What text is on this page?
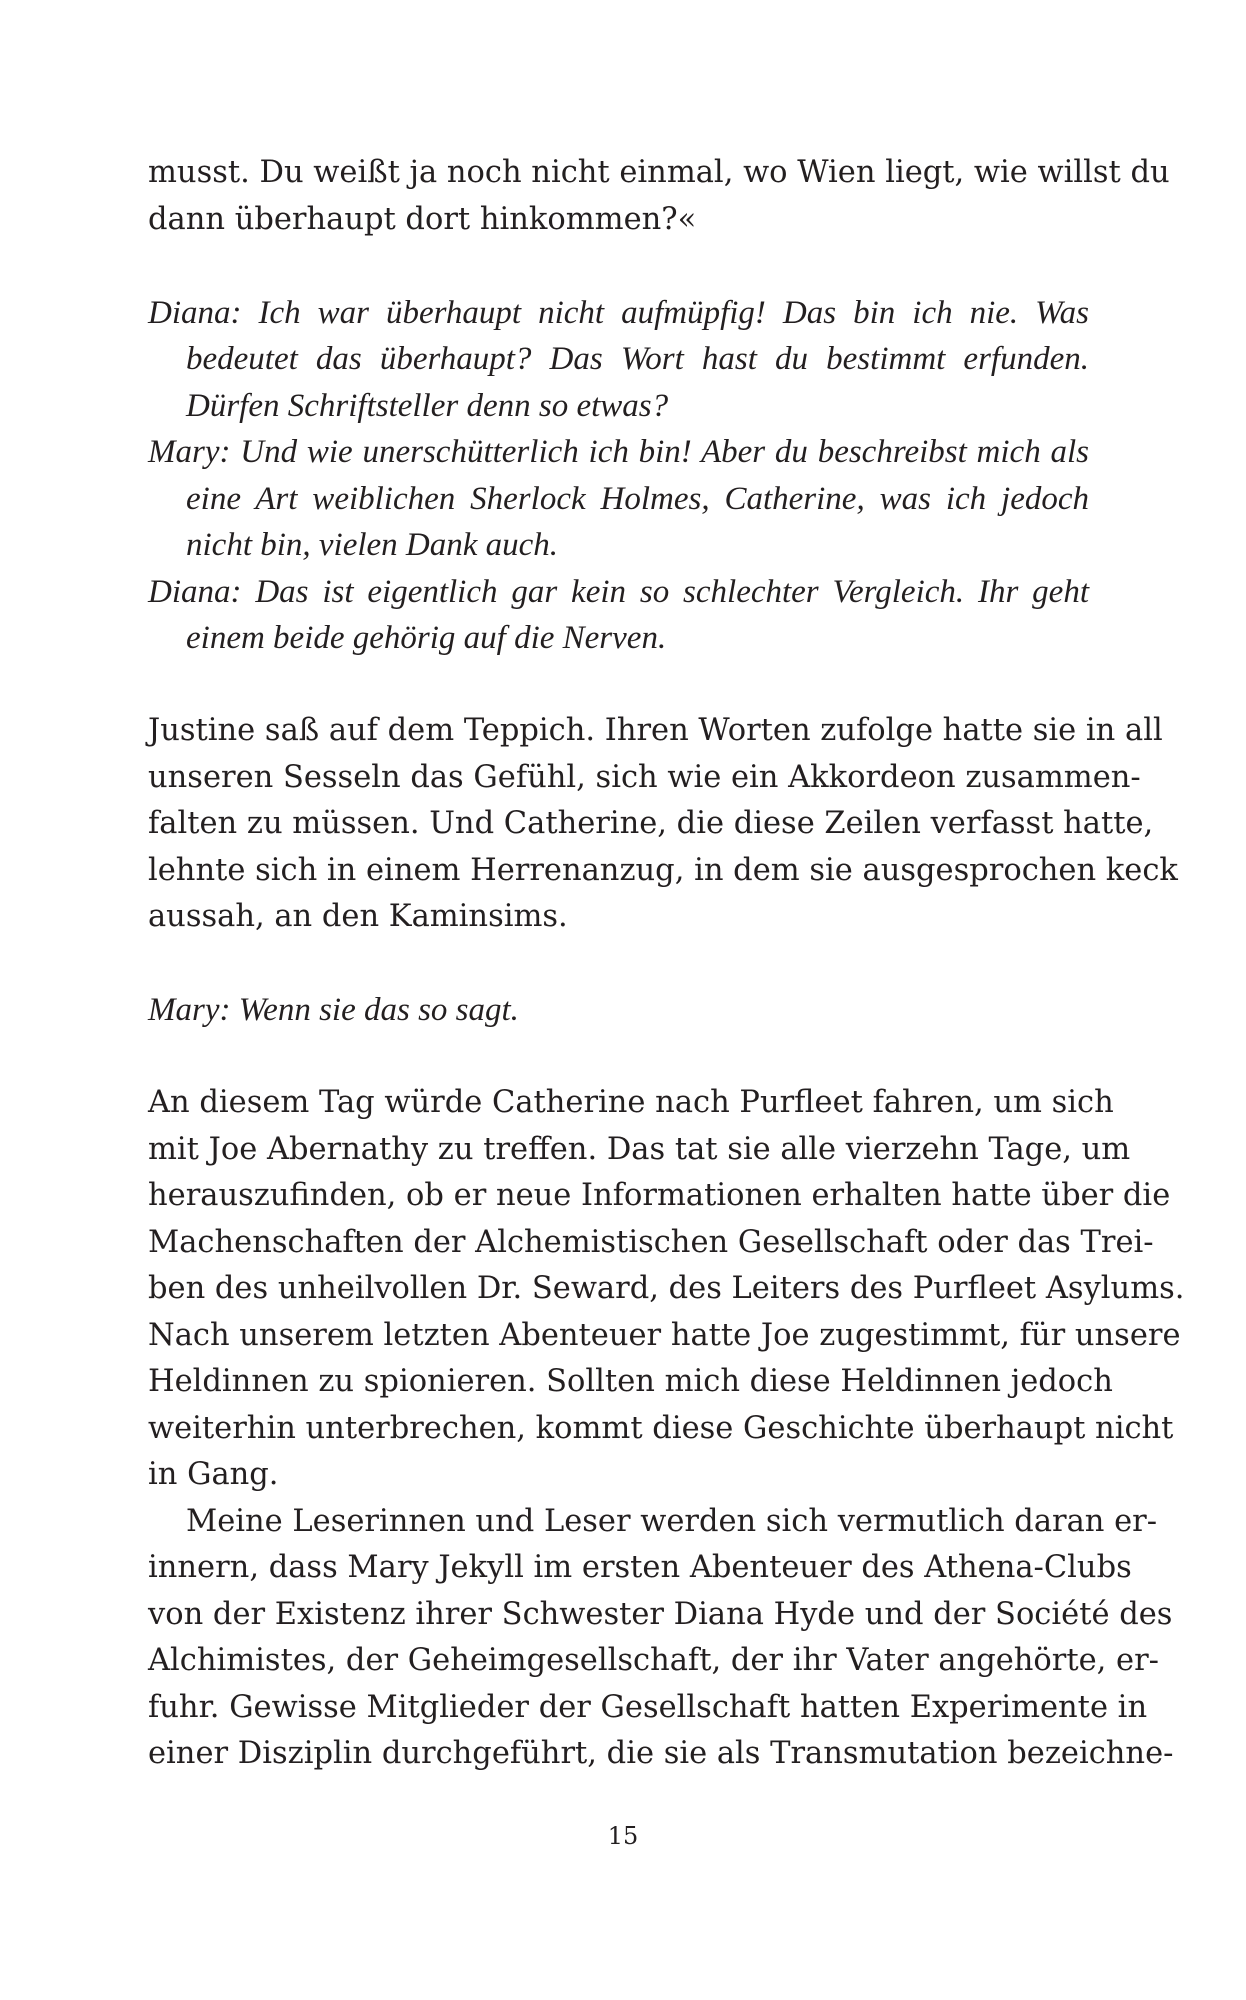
musst. Du weißt ja noch nicht einmal, wo Wien liegt, wie willst du
dann überhaupt dort hinkommen?«
Diana: Ich war überhaupt nicht aufmüpfig! Das bin ich nie. Was
bedeutet das überhaupt? Das Wort hast du bestimmt erfunden.
Dürfen Schriftsteller denn so etwas?
Mary: Und wie unerschütterlich ich bin! Aber du beschreibst mich als
eine Art weiblichen Sherlock Holmes, Catherine, was ich jedoch
nicht bin, vielen Dank auch.
Diana: Das ist eigentlich gar kein so schlechter Vergleich. Ihr geht
einem beide gehörig auf die Nerven.
Justine saß auf dem Teppich. Ihren Worten zufolge hatte sie in all
unseren Sesseln das Gefühl, sich wie ein Akkordeon zusammen-
falten zu müssen. Und Catherine, die diese Zeilen verfasst hatte,
lehnte sich in einem Herrenanzug, in dem sie ausgesprochen keck
aussah, an den Kaminsims.
Mary: Wenn sie das so sagt.
An diesem Tag würde Catherine nach Purfleet fahren, um sich
mit Joe Abernathy zu treffen. Das tat sie alle vierzehn Tage, um
herauszufinden, ob er neue Informationen erhalten hatte über die
Machenschaften der Alchemistischen Gesellschaft oder das Trei-
ben des unheilvollen Dr. Seward, des Leiters des Purfleet Asylums.
Nach unserem letzten Abenteuer hatte Joe zugestimmt, für unsere
Heldinnen zu spionieren. Sollten mich diese Heldinnen jedoch
weiterhin unterbrechen, kommt diese Geschichte überhaupt nicht
in Gang.
Meine Leserinnen und Leser werden sich vermutlich daran er-
innern, dass Mary Jekyll im ersten Abenteuer des Athena-Clubs
von der Existenz ihrer Schwester Diana Hyde und der Société des
Alchimistes, der Geheimgesellschaft, der ihr Vater angehörte, er-
fuhr. Gewisse Mitglieder der Gesellschaft hatten Experimente in
einer Disziplin durchgeführt, die sie als Transmutation bezeichne-
15
